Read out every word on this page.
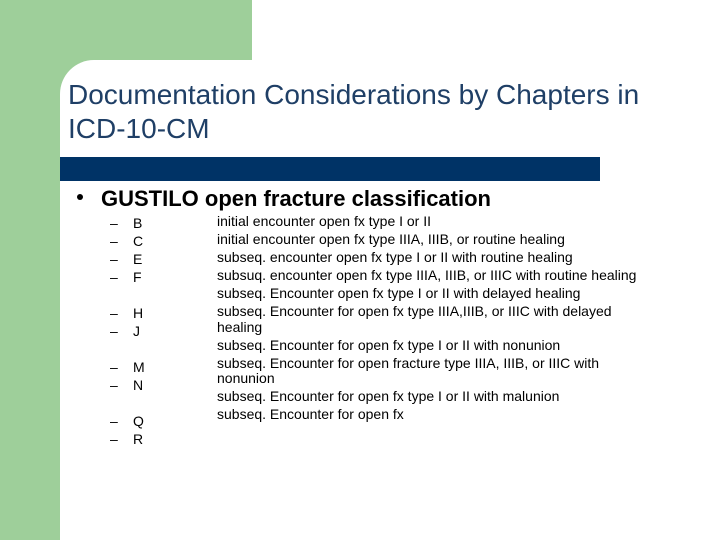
Documentation Considerations by Chapters in ICD-10-CM
GUSTILO open fracture classification
– B
– C
– E
– F
– H
– J
– M
– N
– Q
– R
initial encounter open fx type I or II
initial encounter open fx type IIIA, IIIB, or routine healing
subseq. encounter open fx type I or II with routine healing
subsuq. encounter open fx type IIIA, IIIB, or IIIC with routine healing
subseq. Encounter open fx type I or II with delayed healing
subseq. Encounter for open fx type IIIA,IIIB, or IIIC with delayed healing
subseq. Encounter for open fx type I or II with nonunion
subseq. Encounter for open fracture type IIIA, IIIB, or IIIC with nonunion
subseq. Encounter for open fx type I or II with malunion
subseq. Encounter for open fx
